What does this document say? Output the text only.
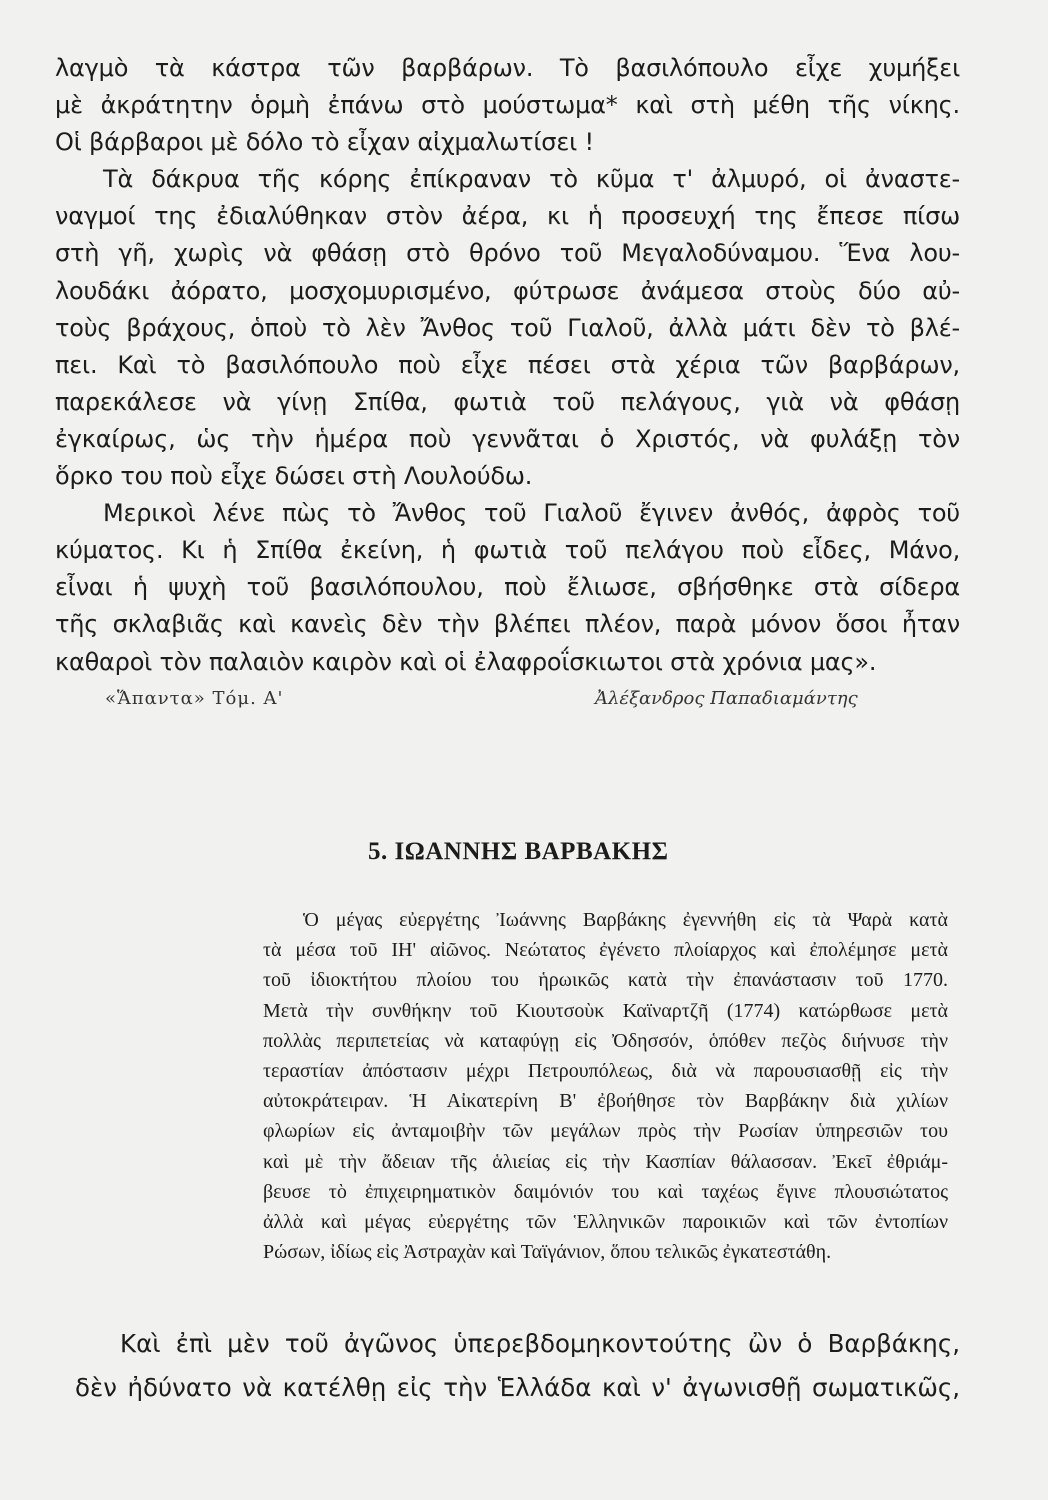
λαγμὸ τὰ κάστρα τῶν βαρβάρων. Τὸ βασιλόπουλο εἶχε χυμήξει
μὲ ἀκράτητην ὁρμὴ ἐπάνω στὸ μούστωμα* καὶ στὴ μέθη τῆς νίκης.
Οἱ βάρβαροι μὲ δόλο τὸ εἶχαν αἰχμαλωτίσει !
Τὰ δάκρυα τῆς κόρης ἐπίκραναν τὸ κῦμα τ' ἀλμυρό, οἱ ἀναστε-
ναγμοί της ἐδιαλύθηκαν στὸν ἀέρα, κι ἡ προσευχή της ἔπεσε πίσω
στὴ γῆ, χωρὶς νὰ φθάσῃ στὸ θρόνο τοῦ Μεγαλοδύναμου. Ἕνα λου-
λουδάκι ἀόρατο, μοσχομυρισμένο, φύτρωσε ἀνάμεσα στοὺς δύο αὐ-
τοὺς βράχους, ὁποὺ τὸ λὲν Ἄνθος τοῦ Γιαλοῦ, ἀλλὰ μάτι δὲν τὸ βλέ-
πει. Καὶ τὸ βασιλόπουλο ποὺ εἶχε πέσει στὰ χέρια τῶν βαρβάρων,
παρεκάλεσε νὰ γίνῃ Σπίθα, φωτιὰ τοῦ πελάγους, γιὰ νὰ φθάσῃ
ἐγκαίρως, ὡς τὴν ἡμέρα ποὺ γεννᾶται ὁ Χριστός, νὰ φυλάξῃ τὸν
ὅρκο του ποὺ εἶχε δώσει στὴ Λουλούδω.
Μερικοὶ λένε πὼς τὸ Ἄνθος τοῦ Γιαλοῦ ἔγινεν ἀνθός, ἀφρὸς τοῦ
κύματος. Κι ἡ Σπίθα ἐκείνη, ἡ φωτιὰ τοῦ πελάγου ποὺ εἶδες, Μάνο,
εἶναι ἡ ψυχὴ τοῦ βασιλόπουλου, ποὺ ἔλιωσε, σβήσθηκε στὰ σίδερα
τῆς σκλαβιᾶς καὶ κανεὶς δὲν τὴν βλέπει πλέον, παρὰ μόνον ὅσοι ἦταν
καθαροὶ τὸν παλαιὸν καιρὸν καὶ οἱ ἐλαφροΐσκιωτοι στὰ χρόνια μας».
«Ἅπαντα» Τόμ. Α'	Ἀλέξανδρος Παπαδιαμάντης
5. ΙΩΑΝΝΗΣ ΒΑΡΒΑΚΗΣ
Ὁ μέγας εὐεργέτης Ἰωάννης Βαρβάκης ἐγεννήθη εἰς τὰ Ψαρὰ κατὰ
τὰ μέσα τοῦ ΙΗ' αἰῶνος. Νεώτατος ἐγένετο πλοίαρχος καὶ ἐπολέμησε μετὰ
τοῦ ἰδιοκτήτου πλοίου του ἡρωικῶς κατὰ τὴν ἐπανάστασιν τοῦ 1770.
Μετὰ τὴν συνθήκην τοῦ Κιουτσοὺκ Καϊναρτζῆ (1774) κατώρθωσε μετὰ
πολλὰς περιπετείας νὰ καταφύγῃ εἰς Ὀδησσόν, ὁπόθεν πεζὸς διήνυσε τὴν
τεραστίαν ἀπόστασιν μέχρι Πετρουπόλεως, διὰ νὰ παρουσιασθῇ εἰς τὴν
αὐτοκράτειραν. Ἡ Αἰκατερίνη Β' ἐβοήθησε τὸν Βαρβάκην διὰ χιλίων
φλωρίων εἰς ἀνταμοιβὴν τῶν μεγάλων πρὸς τὴν Ρωσίαν ὑπηρεσιῶν του
καὶ μὲ τὴν ἄδειαν τῆς ἁλιείας εἰς τὴν Κασπίαν θάλασσαν. Ἐκεῖ ἐθριάμ-
βευσε τὸ ἐπιχειρηματικὸν δαιμόνιόν του καὶ ταχέως ἔγινε πλουσιώτατος
ἀλλὰ καὶ μέγας εὐεργέτης τῶν Ἑλληνικῶν παροικιῶν καὶ τῶν ἐντοπίων
Ρώσων, ἰδίως εἰς Ἀστραχὰν καὶ Ταϊγάνιον, ὅπου τελικῶς ἐγκατεστάθη.
Καὶ ἐπὶ μὲν τοῦ ἀγῶνος ὑπερεβδομηκοντούτης ὢν ὁ Βαρβάκης,
δὲν ἠδύνατο νὰ κατέλθῃ εἰς τὴν Ἑλλάδα καὶ ν' ἀγωνισθῇ σωματικῶς,
